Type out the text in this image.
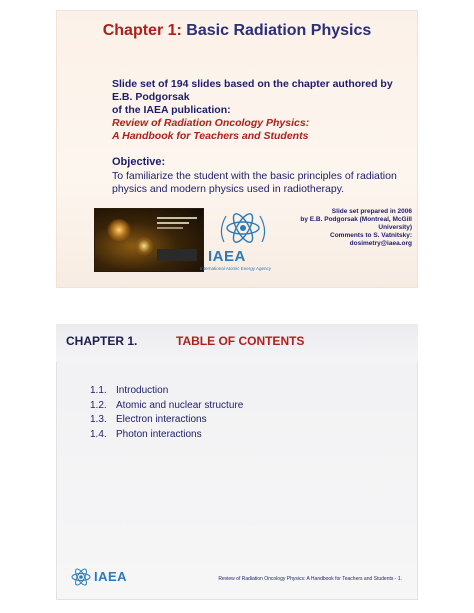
Chapter 1: Basic Radiation Physics
Slide set of 194 slides based on the chapter authored by
E.B. Podgorsak
of the IAEA publication:
Review of Radiation Oncology Physics:
A Handbook for Teachers and Students
Objective:
To familiarize the student with the basic principles of radiation physics and modern physics used in radiotherapy.
IAEA
International Atomic Energy Agency
Slide set prepared in 2006
by E.B. Podgorsak (Montreal, McGill University)
Comments to S. Vatnitsky:
dosimetry@iaea.org
CHAPTER 1.	TABLE OF CONTENTS
1.1. Introduction
1.2. Atomic and nuclear structure
1.3. Electron interactions
1.4. Photon interactions
IAEA	Review of Radiation Oncology Physics: A Handbook for Teachers and Students - 1.
